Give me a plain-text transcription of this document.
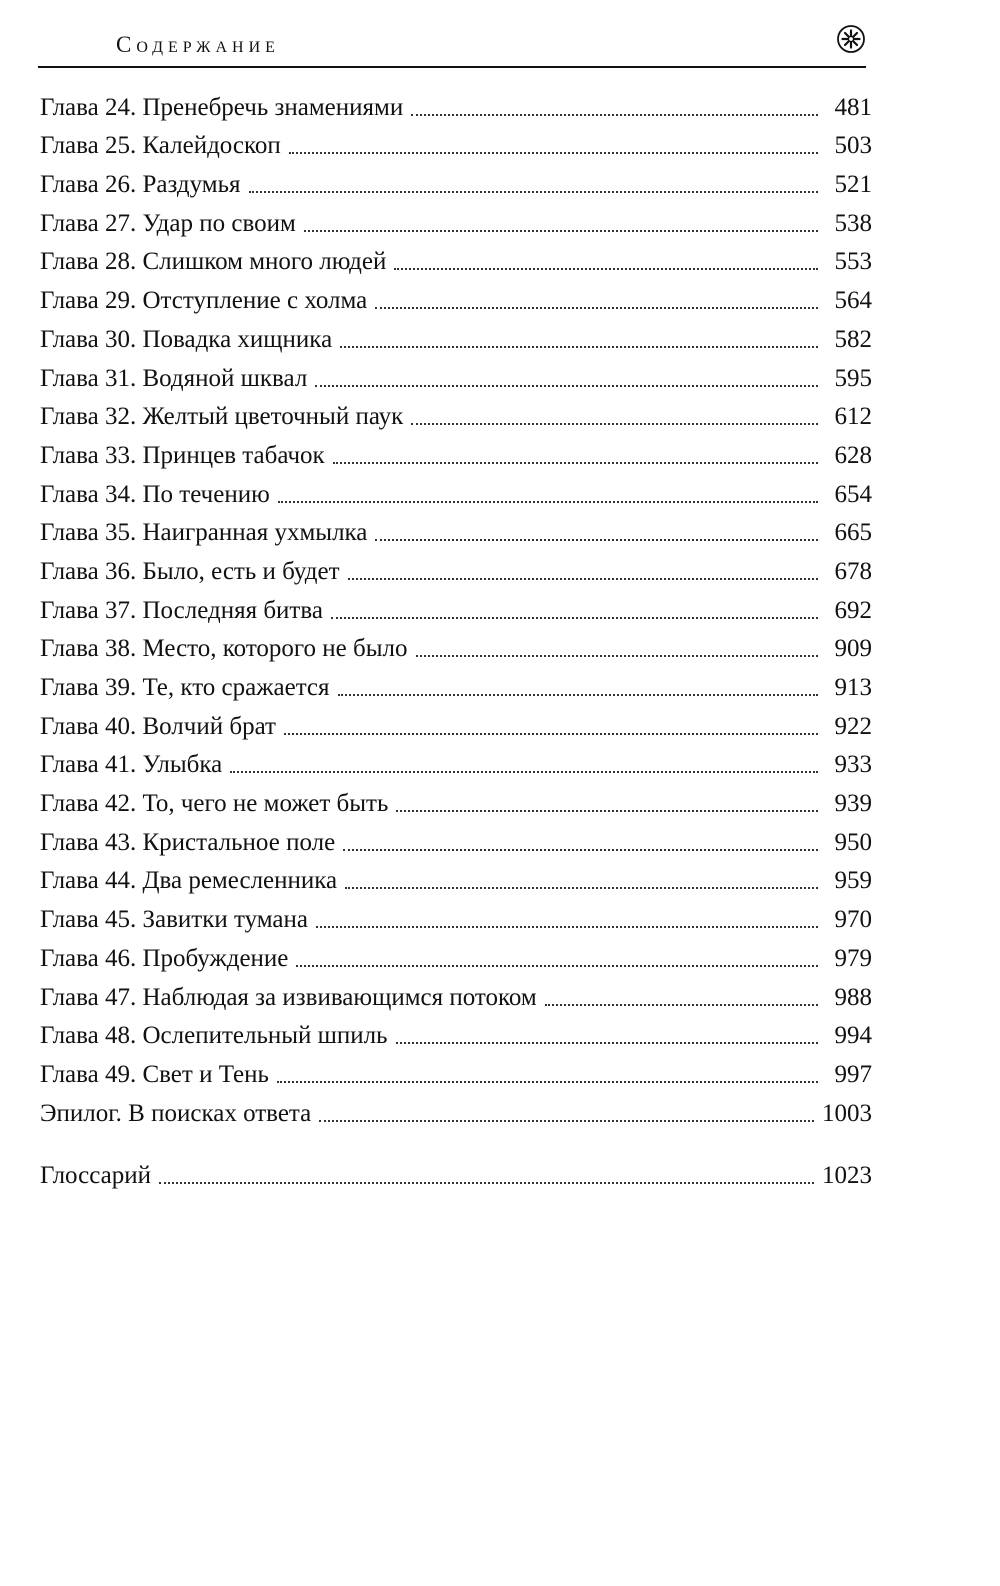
Содержание
Глава 24. Пренебречь знамениями	481
Глава 25. Калейдоскоп	503
Глава 26. Раздумья	521
Глава 27. Удар по своим	538
Глава 28. Слишком много людей	553
Глава 29. Отступление с холма	564
Глава 30. Повадка хищника	582
Глава 31. Водяной шквал	595
Глава 32. Желтый цветочный паук	612
Глава 33. Принцев табачок	628
Глава 34. По течению	654
Глава 35. Наигранная ухмылка	665
Глава 36. Было, есть и будет	678
Глава 37. Последняя битва	692
Глава 38. Место, которого не было	909
Глава 39. Те, кто сражается	913
Глава 40. Волчий брат	922
Глава 41. Улыбка	933
Глава 42. То, чего не может быть	939
Глава 43. Кристальное поле	950
Глава 44. Два ремесленника	959
Глава 45. Завитки тумана	970
Глава 46. Пробуждение	979
Глава 47. Наблюдая за извивающимся потоком	988
Глава 48. Ослепительный шпиль	994
Глава 49. Свет и Тень	997
Эпилог. В поисках ответа	1003
Глоссарий	1023
